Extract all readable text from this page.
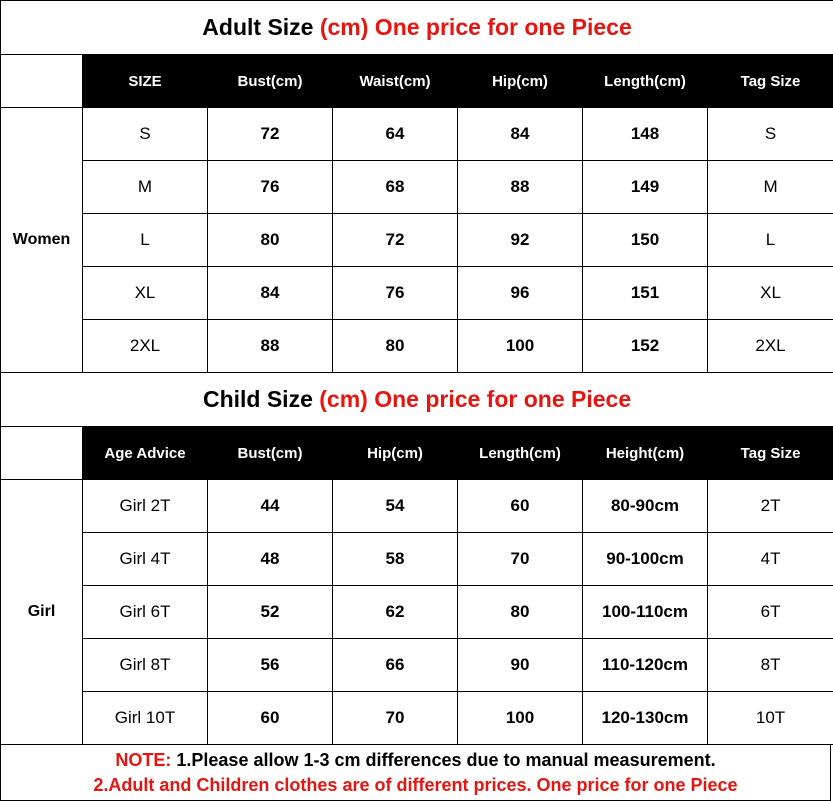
Adult Size (cm) One price for one Piece						
	SIZE	Bust(cm)	Waist(cm)	Hip(cm)	Length(cm)	Tag Size
Women	S	72	64	84	148	S
	M	76	68	88	149	M
	L	80	72	92	150	L
	XL	84	76	96	151	XL
	2XL	88	80	100	152	2XL
Child Size (cm) One price for one Piece						
	Age Advice	Bust(cm)	Hip(cm)	Length(cm)	Height(cm)	Tag Size
Girl	Girl 2T	44	54	60	80-90cm	2T
	Girl 4T	48	58	70	90-100cm	4T
	Girl 6T	52	62	80	100-110cm	6T
	Girl 8T	56	66	90	110-120cm	8T
	Girl 10T	60	70	100	120-130cm	10T
NOTE: 1.Please allow 1-3 cm differences due to manual measurement.
2.Adult and Children clothes are of different prices. One price for one Piece
